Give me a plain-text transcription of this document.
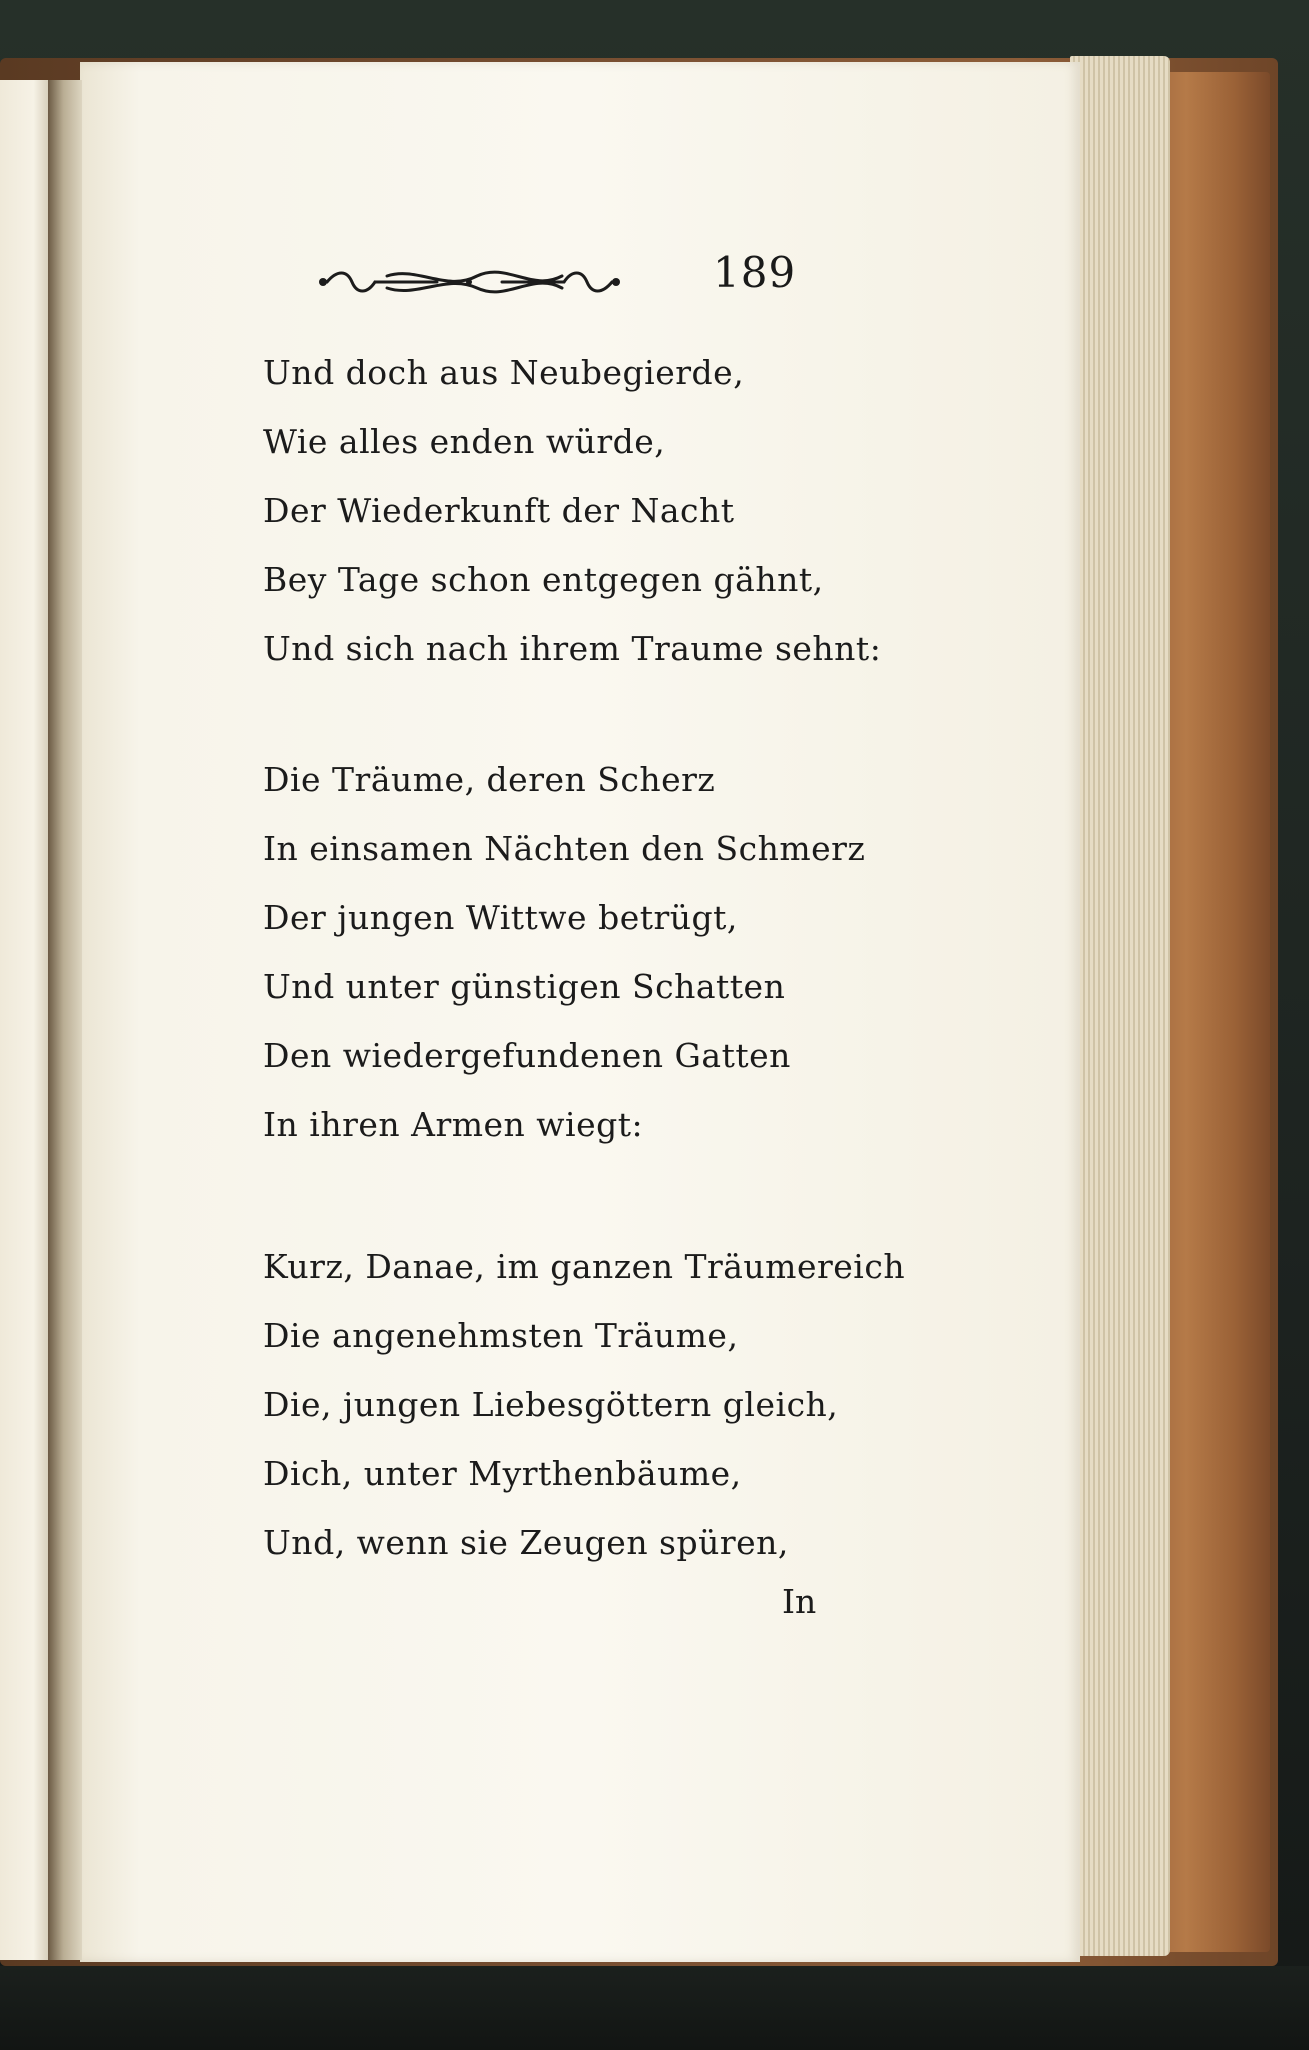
189
Und doch aus Neubegierde,
Wie alles enden würde,
Der Wiederkunft der Nacht
Bey Tage schon entgegen gähnt,
Und sich nach ihrem Traume sehnt:
Die Träume, deren Scherz
In einsamen Nächten den Schmerz
Der jungen Wittwe betrügt,
Und unter günstigen Schatten
Den wiedergefundenen Gatten
In ihren Armen wiegt:
Kurz, Danae, im ganzen Träumereich
Die angenehmsten Träume,
Die, jungen Liebesgöttern gleich,
Dich, unter Myrthenbäume,
Und, wenn sie Zeugen spüren,
In
